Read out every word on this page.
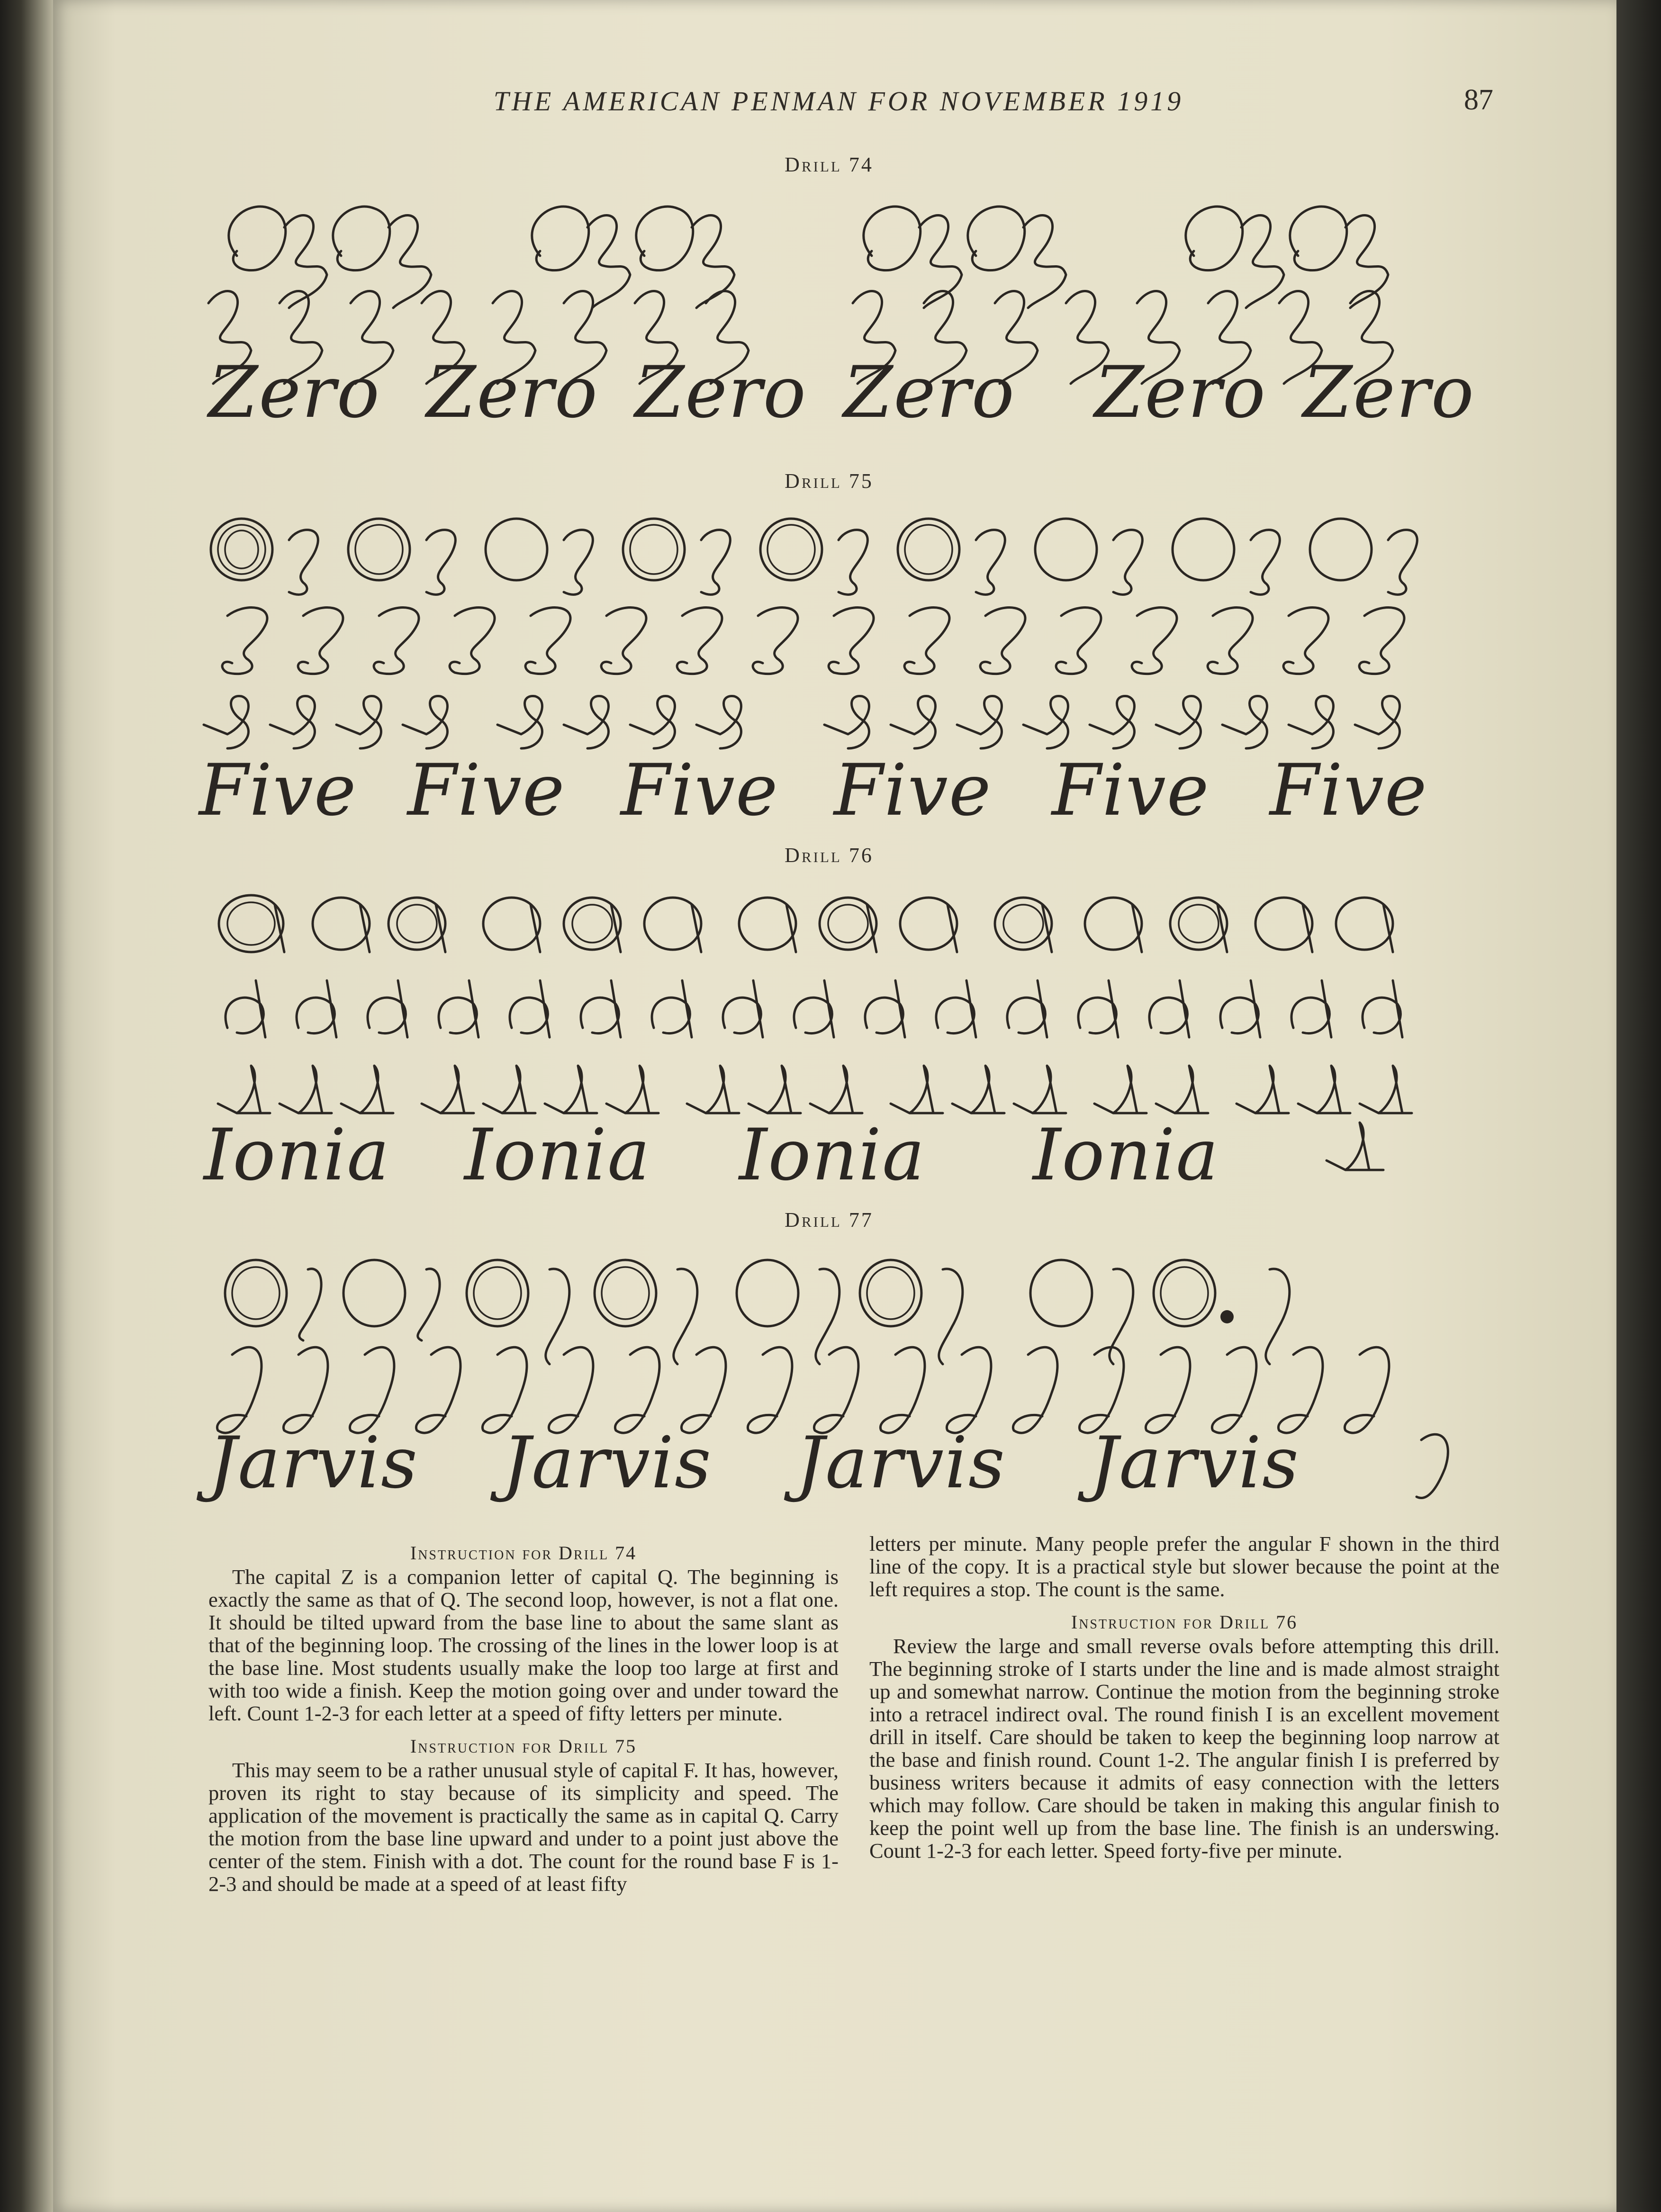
THE AMERICAN PENMAN FOR NOVEMBER 1919	87
Drill 74
Zero Zero Zero Zero Zero Zero
Drill 75
Five Five Five Five Five Five
Drill 76
Ionia Ionia Ionia Ionia
Drill 77
Jarvis Jarvis Jarvis Jarvis
Instruction for Drill 74

The capital Z is a companion letter of capital Q. The beginning is exactly the same as that of Q. The second loop, however, is not a flat one. It should be tilted upward from the base line to about the same slant as that of the beginning loop. The crossing of the lines in the lower loop is at the base line. Most students usually make the loop too large at first and with too wide a finish. Keep the motion going over and under toward the left. Count 1-2-3 for each letter at a speed of fifty letters per minute.

Instruction for Drill 75

This may seem to be a rather unusual style of capital F. It has, however, proven its right to stay because of its simplicity and speed. The application of the movement is practically the same as in capital Q. Carry the motion from the base line upward and under to a point just above the center of the stem. Finish with a dot. The count for the round base F is 1-2-3 and should be made at a speed of at least fifty

letters per minute. Many people prefer the angular F shown in the third line of the copy. It is a practical style but slower because the point at the left requires a stop. The count is the same.

Instruction for Drill 76

Review the large and small reverse ovals before attempting this drill. The beginning stroke of I starts under the line and is made almost straight up and somewhat narrow. Continue the motion from the beginning stroke into a retracel indirect oval. The round finish I is an excellent movement drill in itself. Care should be taken to keep the beginning loop narrow at the base and finish round. Count 1-2. The angular finish I is preferred by business writers because it admits of easy connection with the letters which may follow. Care should be taken in making this angular finish to keep the point well up from the base line. The finish is an underswing. Count 1-2-3 for each letter. Speed forty-five per minute.
